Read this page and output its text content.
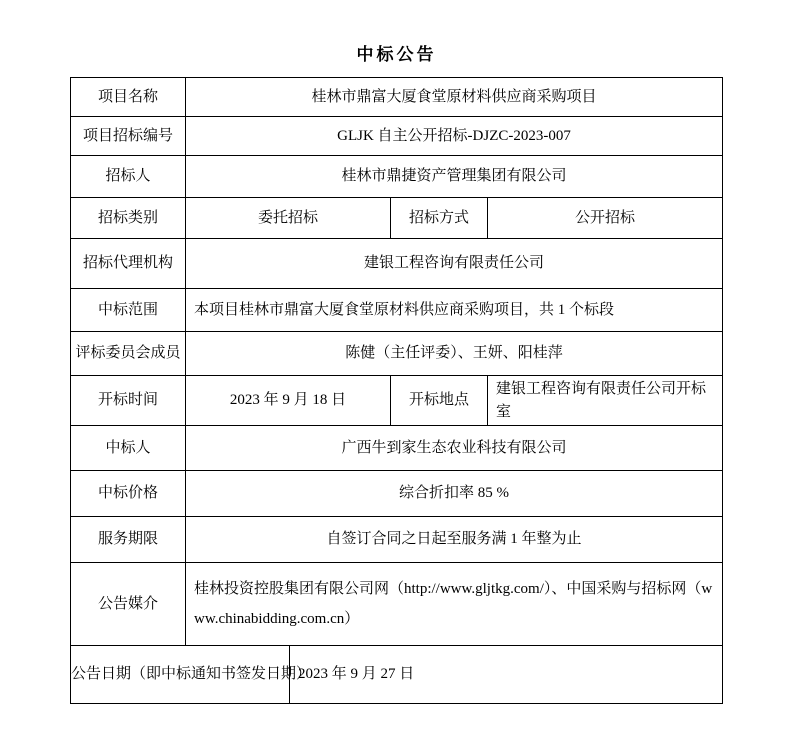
中标公告
项目名称	桂林市鼎富大厦食堂原材料供应商采购项目		
项目招标编号	GLJK 自主公开招标-DJZC-2023-007		
招标人	桂林市鼎捷资产管理集团有限公司		
招标类别	委托招标	招标方式	公开招标
招标代理机构	建银工程咨询有限责任公司		
中标范围	本项目桂林市鼎富大厦食堂原材料供应商采购项目，共 1 个标段		
评标委员会成员	陈健（主任评委）、王妍、阳桂萍		
开标时间	2023 年 9 月 18 日	开标地点	建银工程咨询有限责任公司开标室
中标人	广西牛到家生态农业科技有限公司		
中标价格	综合折扣率 85 %		
服务期限	自签订合同之日起至服务满 1 年整为止		
公告媒介	桂林投资控股集团有限公司网（http://www.gljtkg.com/）、中国采购与招标网（www.chinabidding.com.cn）		
公告日期（即中标通知书签发日期）	2023 年 9 月 27 日
